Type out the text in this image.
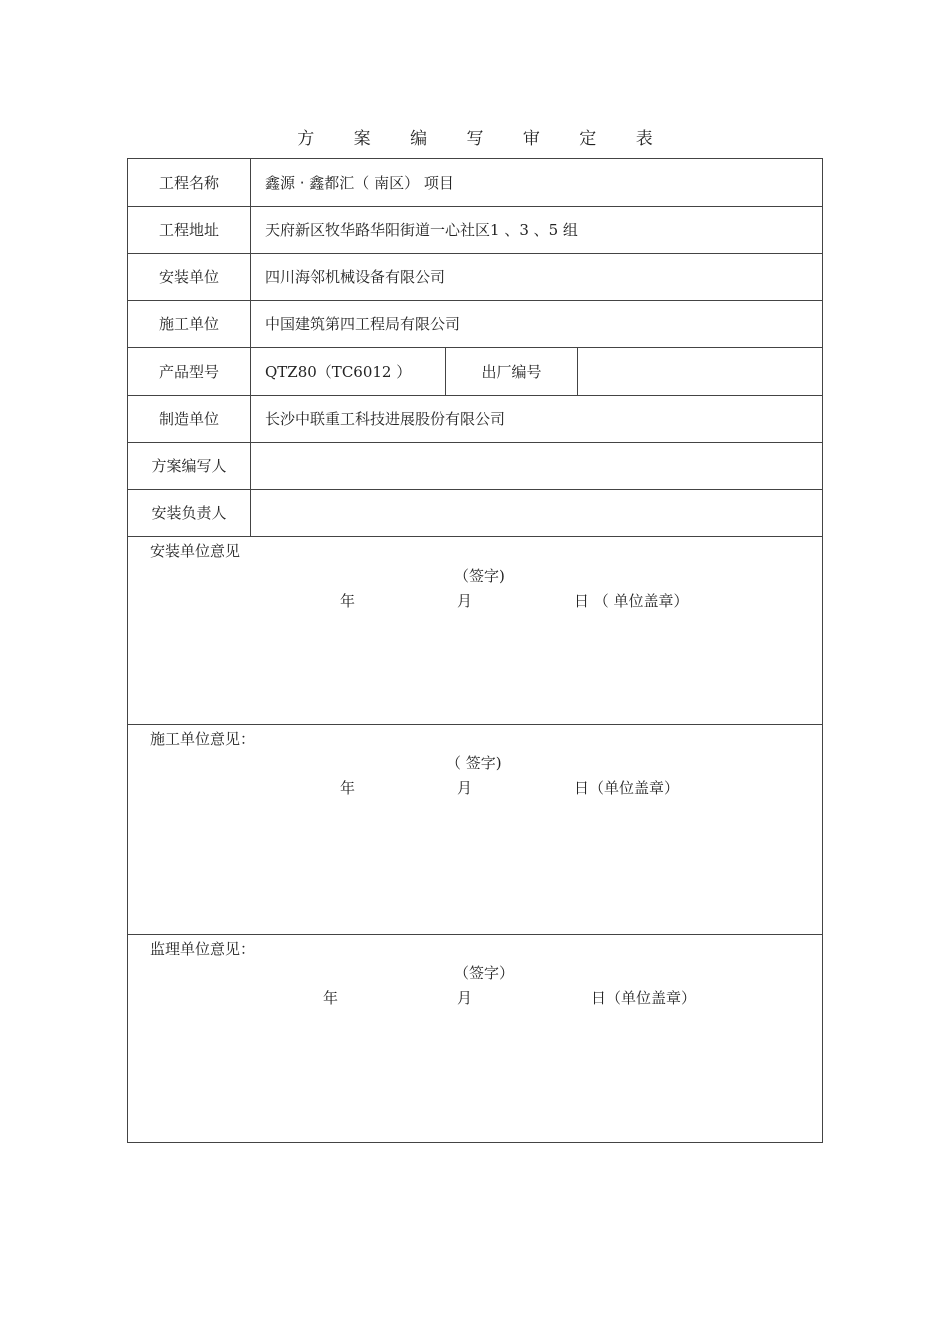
方 案 编 写 审 定 表
工程名称	鑫源 · 鑫都汇（ 南区） 项目
工程地址	天府新区牧华路华阳街道一心社区1 、3 、5 组
安装单位	四川海邻机械设备有限公司
施工单位	中国建筑第四工程局有限公司
产品型号	QTZ80（TC6012 ）	出厂编号
制造单位	长沙中联重工科技进展股份有限公司
方案编写人
安装负责人
安装单位意见
（签字)
年	月	日 （ 单位盖章）
施工单位意见：
（ 签字)
年	月	日（单位盖章）
监理单位意见：
（签字）
年	月	日（单位盖章）
